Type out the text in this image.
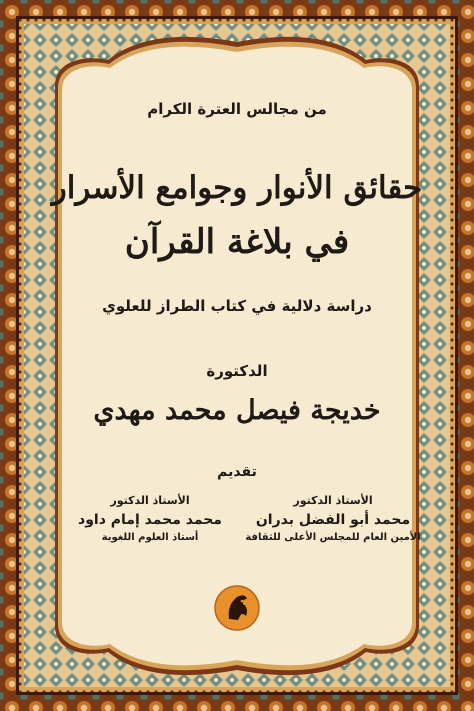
من مجالس العترة الكرام
حقائق الأنوار وجوامع الأسرار
في بلاغة القرآن
دراسة دلالية في كتاب الطراز للعلوي
الدكتورة
خديجة فيصل محمد مهدي
تقديم
الأستاذ الدكتور
محمد أبو الفضل بدران
الأمين العام للمجلس الأعلى للثقافة
الأستاذ الدكتور
محمد محمد إمام داود
أستاذ العلوم اللغوية
